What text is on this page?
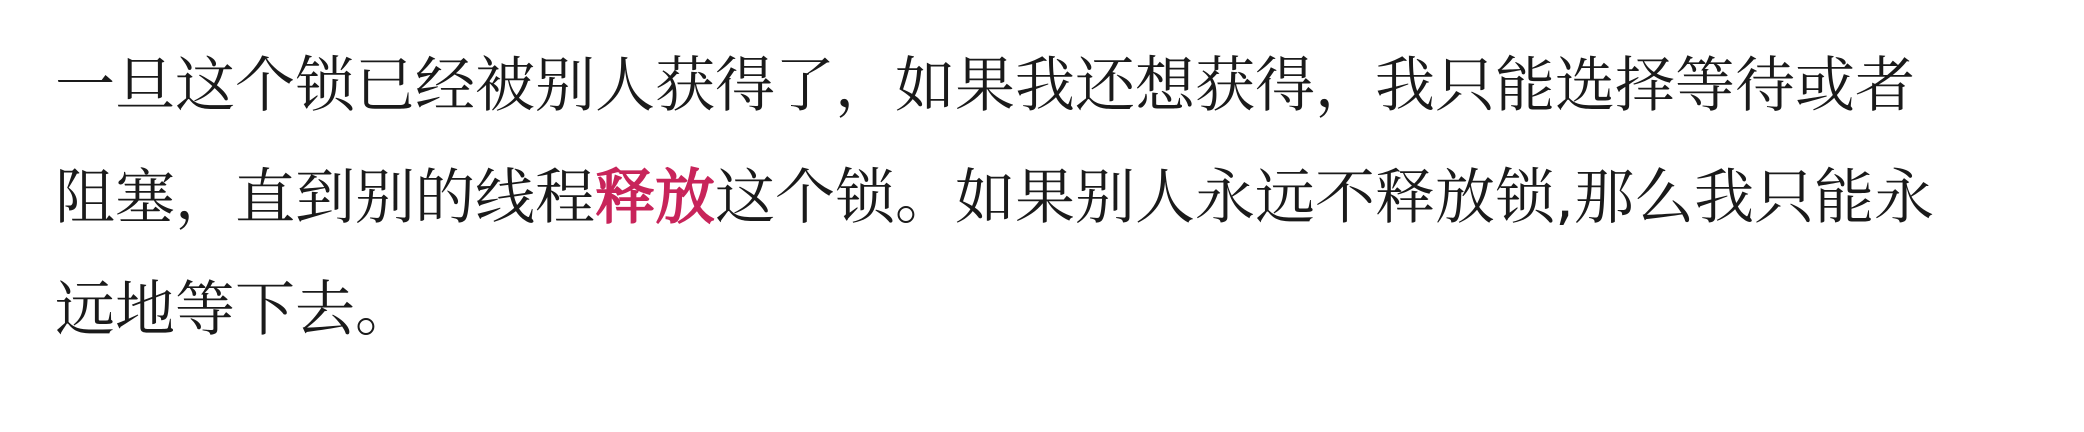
一旦这个锁已经被别人获得了，如果我还想获得，我只能选择等待或者
阻塞，直到别的线程释放这个锁。如果别人永远不释放锁,那么我只能永
远地等下去。
